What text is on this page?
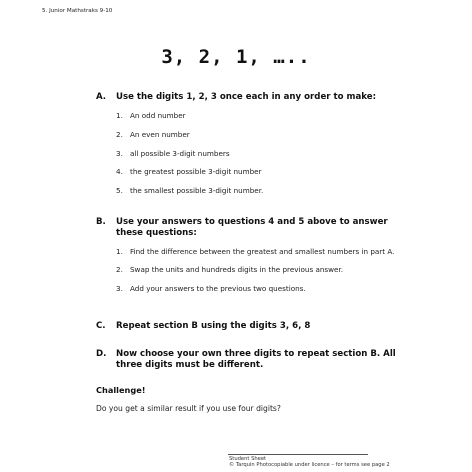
5. Junior Mathstraks 9-10
3, 2, 1, …..
A.	Use the digits 1, 2, 3 once each in any order to make:
1. An odd number
2. An even number
3. all possible 3-digit numbers
4. the greatest possible 3-digit number
5. the smallest possible 3-digit number.
B.	Use your answers to questions 4 and 5 above to answer these questions:
1. Find the difference between the greatest and smallest numbers in part A.
2. Swap the units and hundreds digits in the previous answer.
3. Add your answers to the previous two questions.
C.	Repeat section B using the digits 3, 6, 8
D.	Now choose your own three digits to repeat section B. All three digits must be different.
Challenge!
Do you get a similar result if you use four digits?
Student Sheet
© Tarquin Photocopiable under licence – for terms see page 2
